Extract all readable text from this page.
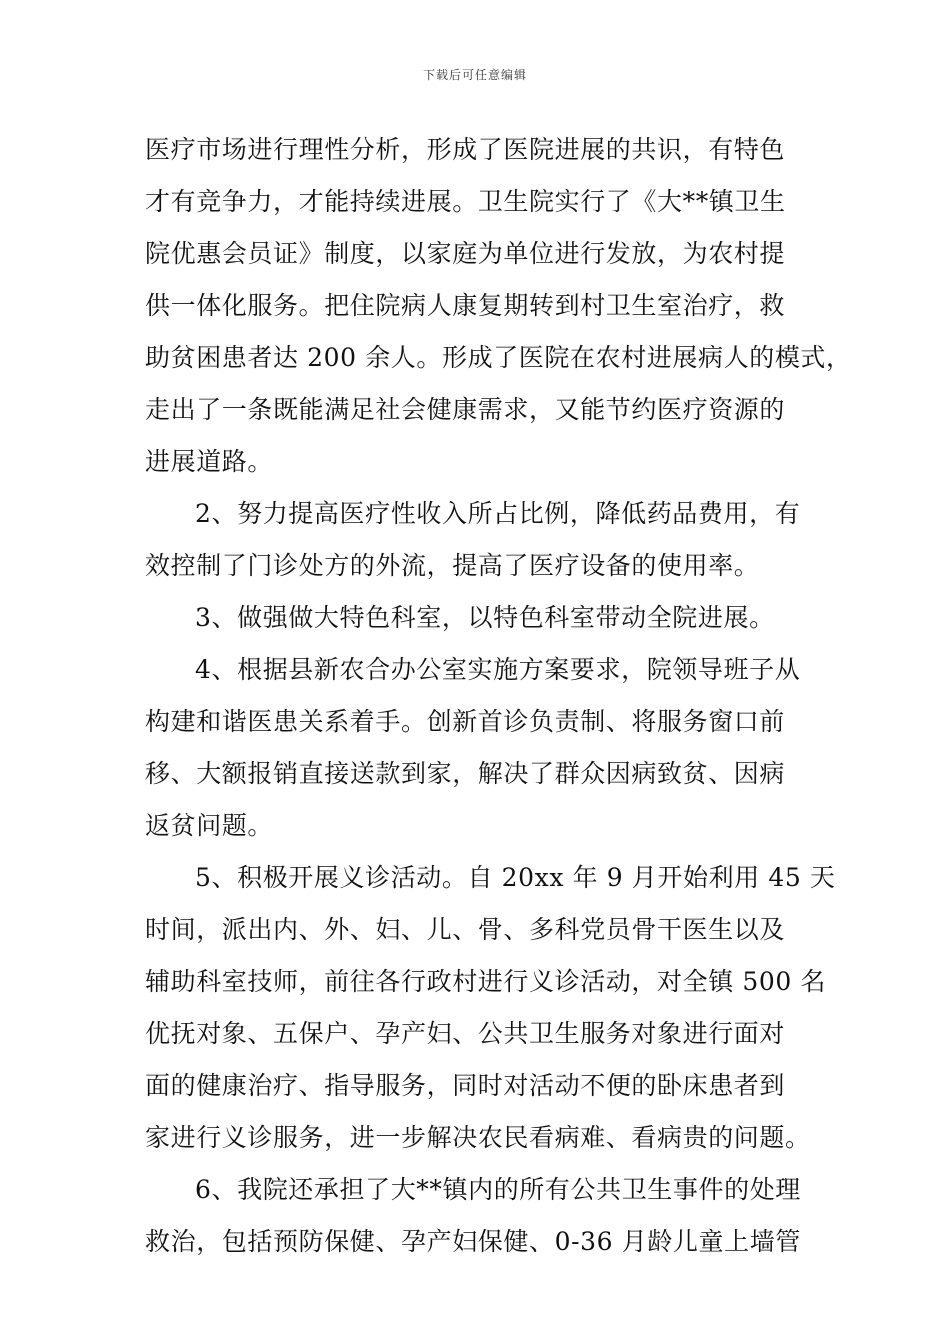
下载后可任意编辑
医疗市场进行理性分析，形成了医院进展的共识，有特色
才有竞争力，才能持续进展。卫生院实行了《大**镇卫生
院优惠会员证》制度，以家庭为单位进行发放，为农村提
供一体化服务。把住院病人康复期转到村卫生室治疗，救
助贫困患者达 200 余人。形成了医院在农村进展病人的模式，
走出了一条既能满足社会健康需求，又能节约医疗资源的
进展道路。
2、努力提高医疗性收入所占比例，降低药品费用，有
效控制了门诊处方的外流，提高了医疗设备的使用率。
3、做强做大特色科室，以特色科室带动全院进展。
4、根据县新农合办公室实施方案要求，院领导班子从
构建和谐医患关系着手。创新首诊负责制、将服务窗口前
移、大额报销直接送款到家，解决了群众因病致贫、因病
返贫问题。
5、积极开展义诊活动。自 20xx 年 9 月开始利用 45 天
时间，派出内、外、妇、儿、骨、多科党员骨干医生以及
辅助科室技师，前往各行政村进行义诊活动，对全镇 500 名
优抚对象、五保户、孕产妇、公共卫生服务对象进行面对
面的健康治疗、指导服务，同时对活动不便的卧床患者到
家进行义诊服务，进一步解决农民看病难、看病贵的问题。
6、我院还承担了大**镇内的所有公共卫生事件的处理
救治，包括预防保健、孕产妇保健、0-36 月龄儿童上墙管
